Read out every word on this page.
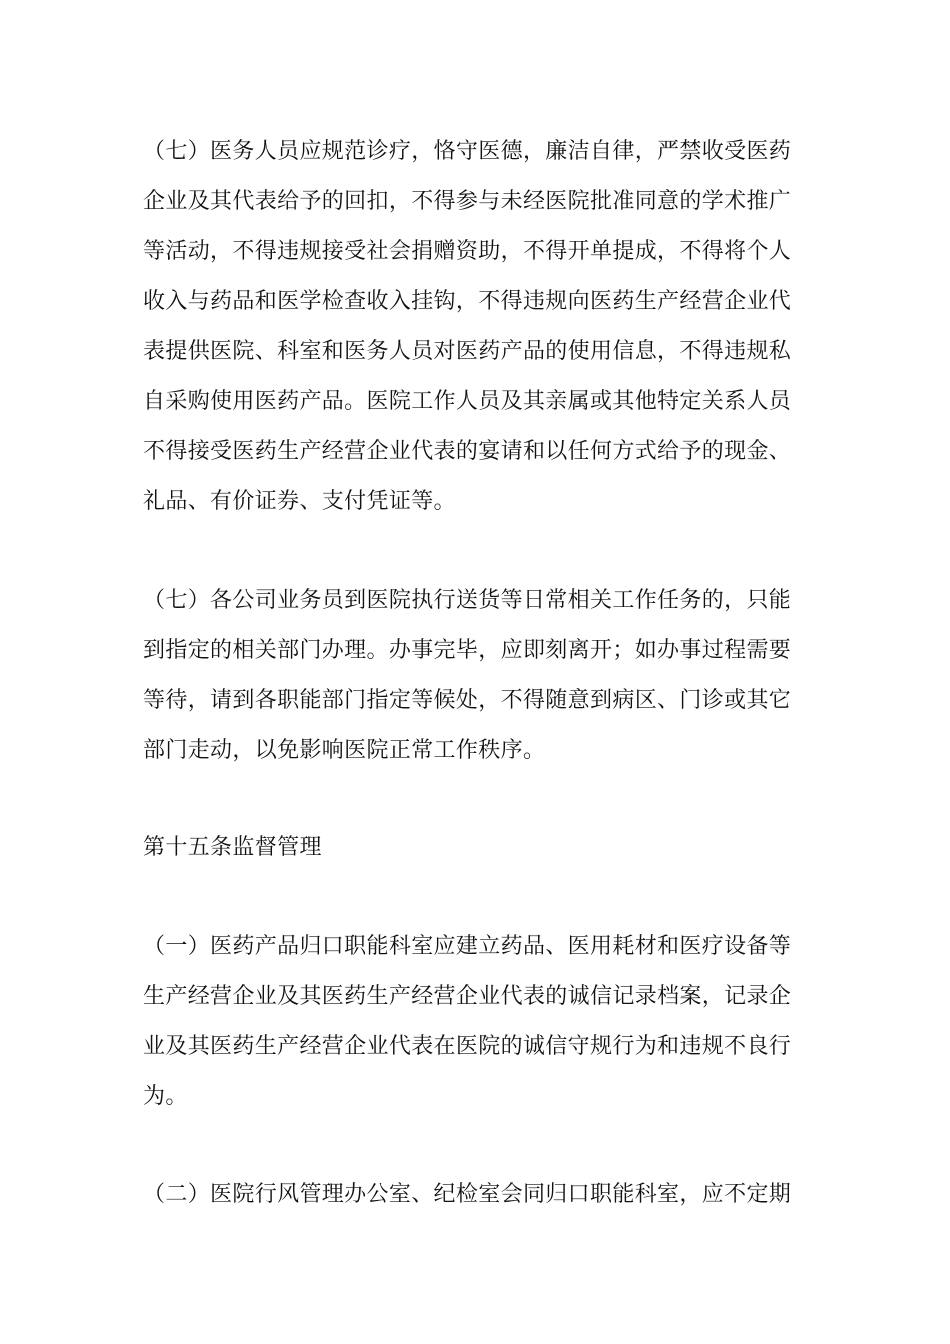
（七）医务人员应规范诊疗，恪守医德，廉洁自律，严禁收受医药
企业及其代表给予的回扣，不得参与未经医院批准同意的学术推广
等活动，不得违规接受社会捐赠资助，不得开单提成，不得将个人
收入与药品和医学检查收入挂钩，不得违规向医药生产经营企业代
表提供医院、科室和医务人员对医药产品的使用信息，不得违规私
自采购使用医药产品。医院工作人员及其亲属或其他特定关系人员
不得接受医药生产经营企业代表的宴请和以任何方式给予的现金、
礼品、有价证券、支付凭证等。
（七）各公司业务员到医院执行送货等日常相关工作任务的，只能
到指定的相关部门办理。办事完毕，应即刻离开；如办事过程需要
等待，请到各职能部门指定等候处，不得随意到病区、门诊或其它
部门走动，以免影响医院正常工作秩序。
第十五条监督管理
（一）医药产品归口职能科室应建立药品、医用耗材和医疗设备等
生产经营企业及其医药生产经营企业代表的诚信记录档案，记录企
业及其医药生产经营企业代表在医院的诚信守规行为和违规不良行
为。
（二）医院行风管理办公室、纪检室会同归口职能科室，应不定期
